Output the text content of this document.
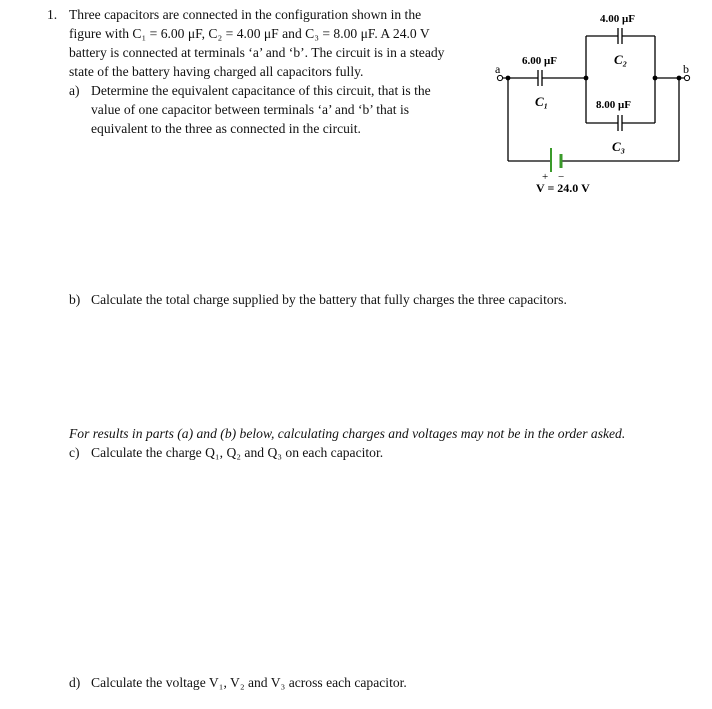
1. Three capacitors are connected in the configuration shown in the
figure with C₁ = 6.00 μF, C₂ = 4.00 μF and C₃ = 8.00 μF. A 24.0 V
battery is connected at terminals ‘a’ and ‘b’. The circuit is in a steady
state of the battery having charged all capacitors fully.
a) Determine the equivalent capacitance of this circuit, that is the
value of one capacitor between terminals ‘a’ and ‘b’ that is
equivalent to the three as connected in the circuit.
b) Calculate the total charge supplied by the battery that fully charges the three capacitors.
For results in parts (a) and (b) below, calculating charges and voltages may not be in the order asked.
c) Calculate the charge Q₁, Q₂ and Q₃ on each capacitor.
d) Calculate the voltage V₁, V₂ and V₃ across each capacitor.
a	b
6.00 μF
C₁
4.00 μF
C₂
8.00 μF
C₃
+ −
V = 24.0 V
